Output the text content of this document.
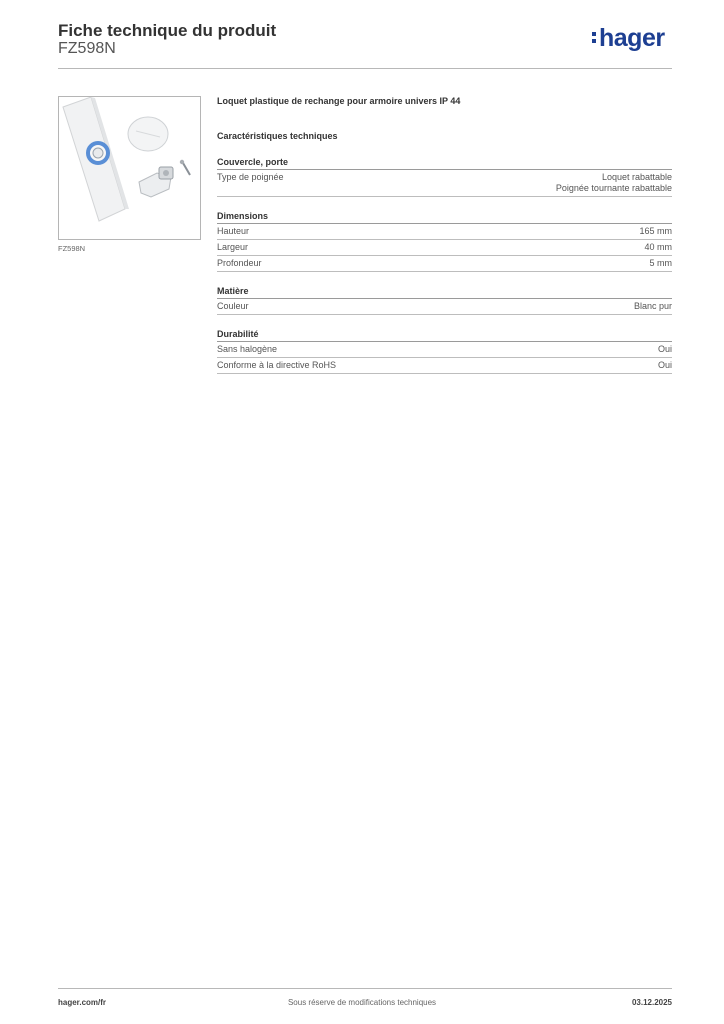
Fiche technique du produit
FZ598N	hager
FZ598N
Loquet plastique de rechange pour armoire univers IP 44
Caractéristiques techniques
Couvercle, porte
Type de poignée	Loquet rabattable
Poignée tournante rabattable
Dimensions
Hauteur	165 mm
Largeur	40 mm
Profondeur	5 mm
Matière
Couleur	Blanc pur
Durabilité
Sans halogène	Oui
Conforme à la directive RoHS	Oui
hager.com/fr	Sous réserve de modifications techniques	03.12.2025
